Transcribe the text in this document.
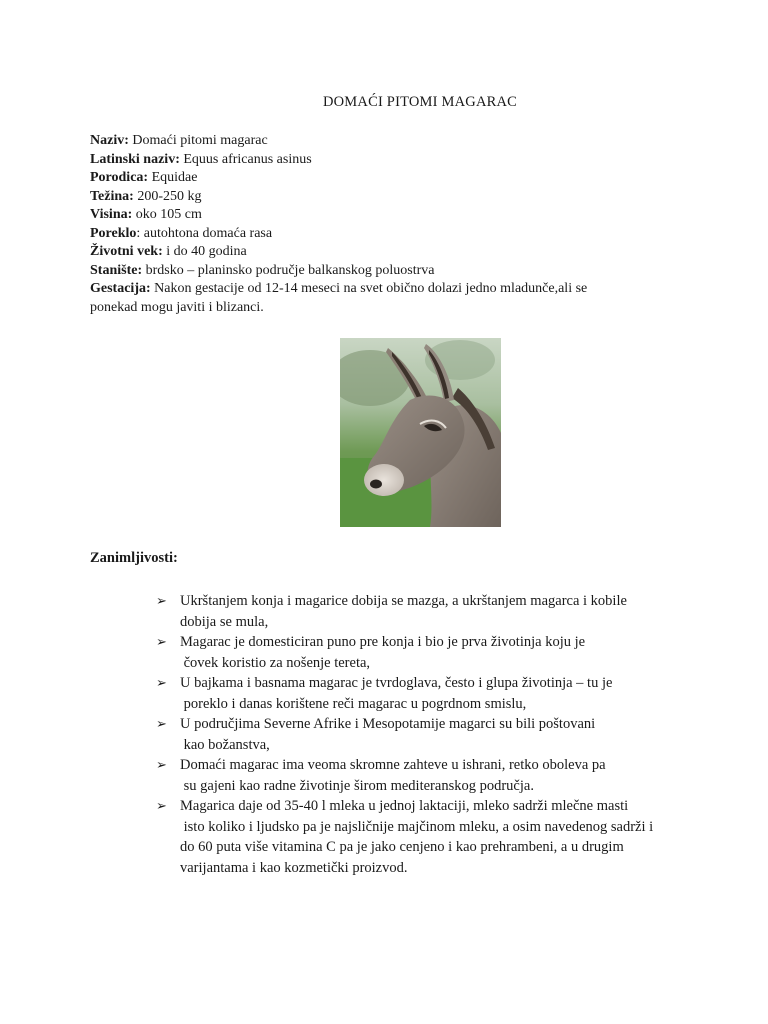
DOMAĆI PITOMI MAGARAC
Naziv: Domaći pitomi magarac
Latinski naziv: Equus africanus asinus
Porodica: Equidae
Težina: 200-250 kg
Visina: oko 105 cm
Poreklo: autohtona domaća rasa
Životni vek: i do 40 godina
Stanište: brdsko – planinsko područje balkanskog poluostrva
Gestacija: Nakon gestacije od 12-14 meseci na svet obično dolazi jedno mladunče,ali se
ponekad mogu javiti i blizanci.
Zanimljivosti:
➢ Ukrštanjem konja i magarice dobija se mazga, a ukrštanjem magarca i kobile
dobija se mula,
➢ Magarac je domesticiran puno pre konja i bio je prva životinja koju je
čovek koristio za nošenje tereta,
➢ U bajkama i basnama magarac je tvrdoglava, često i glupa životinja – tu je
poreklo i danas korištene reči magarac u pogrdnom smislu,
➢ U područjima Severne Afrike i Mesopotamije magarci su bili poštovani
kao božanstva,
➢ Domaći magarac ima veoma skromne zahteve u ishrani, retko oboleva pa
su gajeni kao radne životinje širom mediteranskog područja.
➢ Magarica daje od 35-40 l mleka u jednoj laktaciji, mleko sadrži mlečne masti
isto koliko i ljudsko pa je najsličnije majčinom mleku, a osim navedenog sadrži i
do 60 puta više vitamina C pa je jako cenjeno i kao prehrambeni, a u drugim
varijantama i kao kozmetički proizvod.
